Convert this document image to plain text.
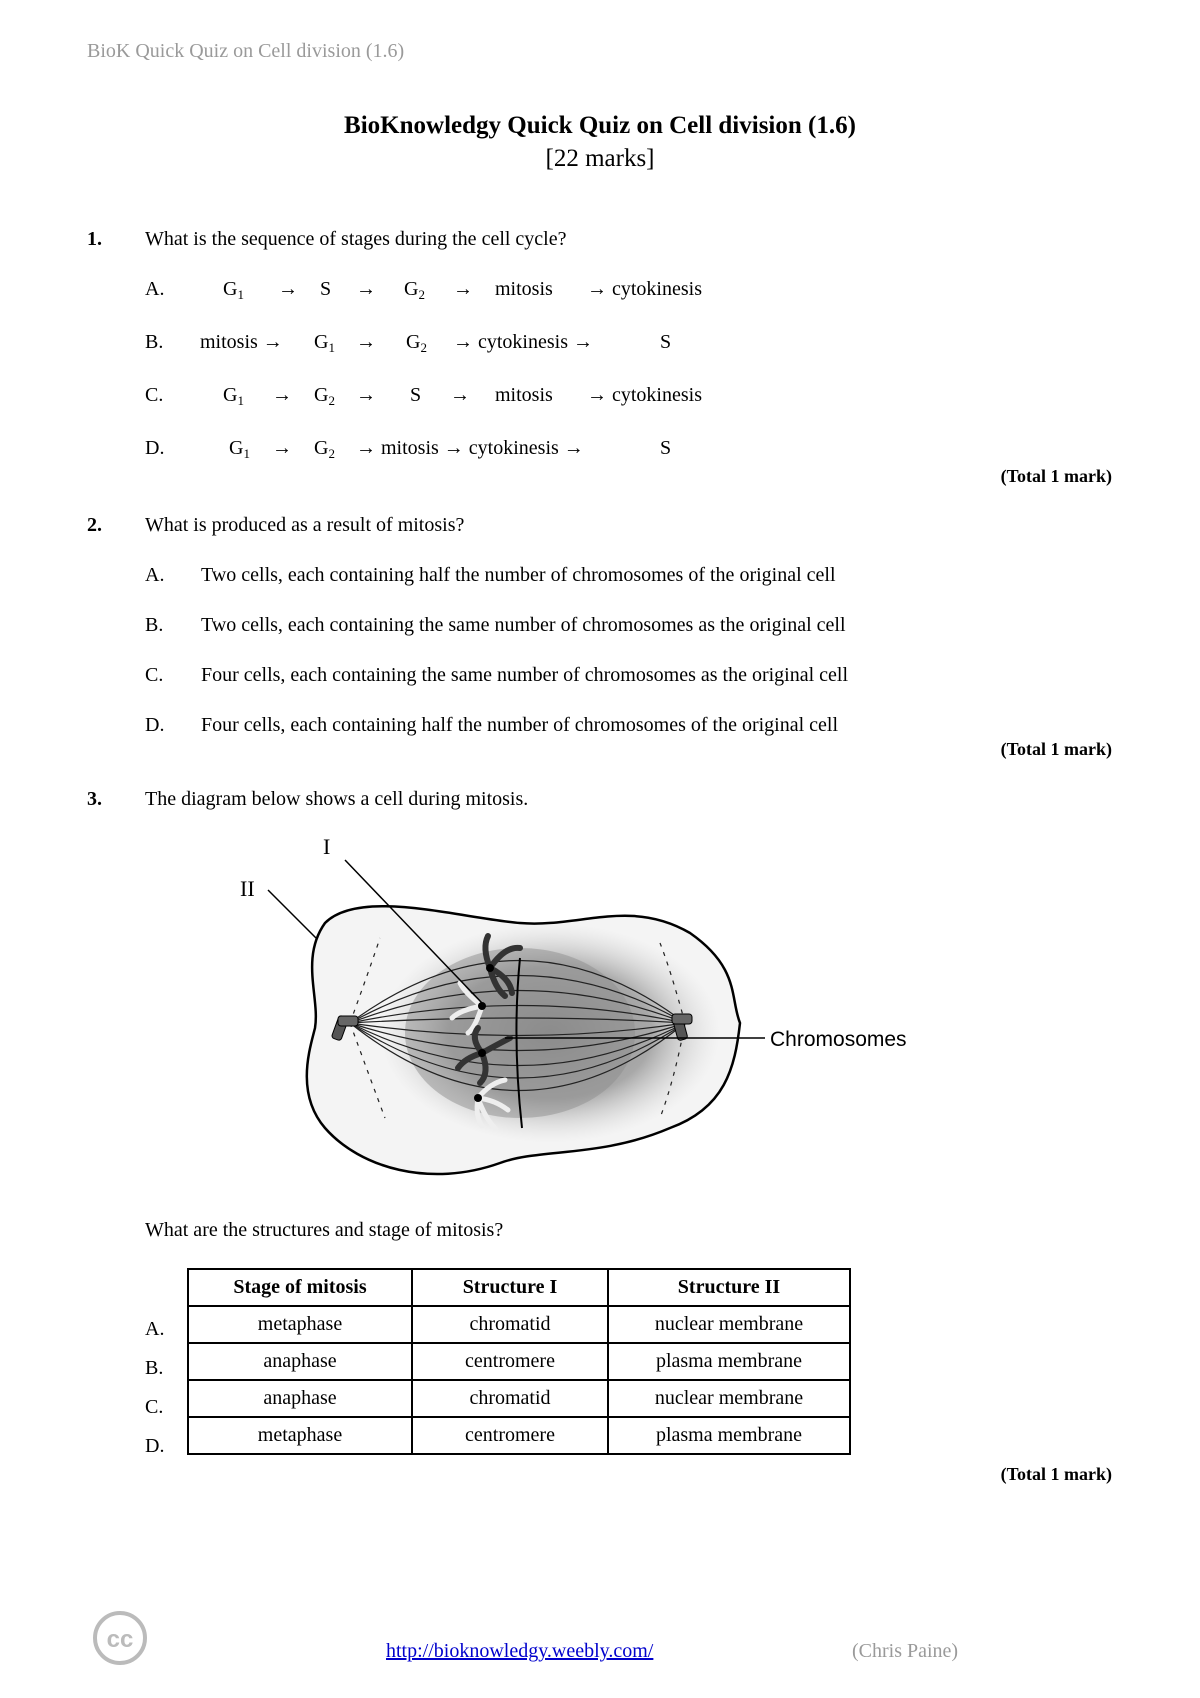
BioK Quick Quiz on Cell division (1.6)
BioKnowledgy Quick Quiz on Cell division (1.6)
[22 marks]
1. What is the sequence of stages during the cell cycle?
A.	$G_1 \to S \to G_2$ → mitosis → cytokinesis
B. mitosis → $G_1 \to G_2$ → cytokinesis →	S
C.	$G_1 \to G_2 \to S$ → mitosis → cytokinesis
D.	$G_1 \to G_2$ → mitosis → cytokinesis →	S
(Total 1 mark)
2. What is produced as a result of mitosis?
A. Two cells, each containing half the number of chromosomes of the original cell
B. Two cells, each containing the same number of chromosomes as the original cell
C. Four cells, each containing the same number of chromosomes as the original cell
D. Four cells, each containing half the number of chromosomes of the original cell
(Total 1 mark)
3. The diagram below shows a cell during mitosis.
I
II
Chromosomes
What are the structures and stage of mitosis?
A.
B.
C.
D.
Stage of mitosis	Structure I	Structure II
metaphase	chromatid	nuclear membrane
anaphase	centromere	plasma membrane
anaphase	chromatid	nuclear membrane
metaphase	centromere	plasma membrane
(Total 1 mark)
cc	http://bioknowledgy.weebly.com/	(Chris Paine)
